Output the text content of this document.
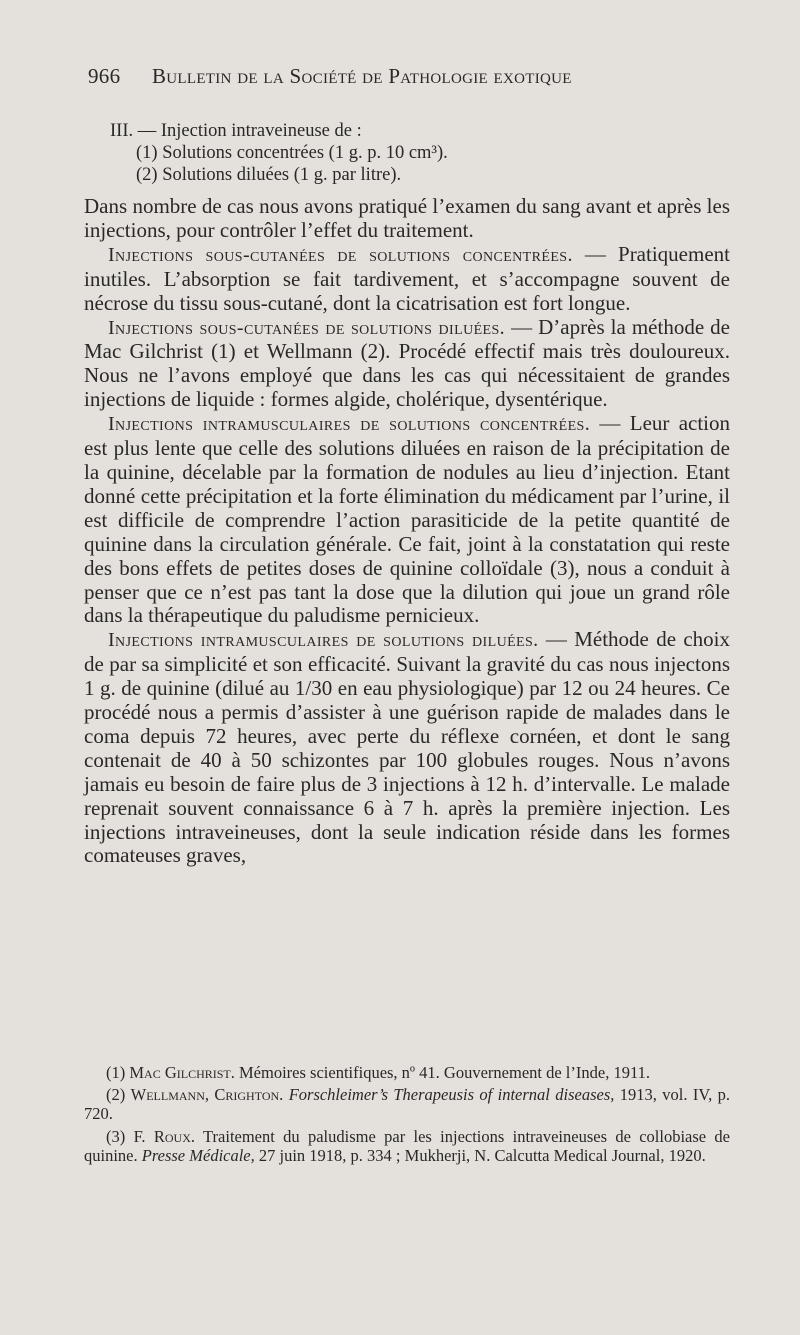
966 Bulletin de la Société de Pathologie exotique
III. — Injection intraveineuse de :
(1) Solutions concentrées (1 g. p. 10 cm³).
(2) Solutions diluées (1 g. par litre).

Dans nombre de cas nous avons pratiqué l’examen du sang avant et après les injections, pour contrôler l’effet du traitement.

Injections sous-cutanées de solutions concentrées. — Pratiquement inutiles. L’absorption se fait tardivement, et s’accompagne souvent de nécrose du tissu sous-cutané, dont la cicatrisation est fort longue.

Injections sous-cutanées de solutions diluées. — D’après la méthode de Mac Gilchrist (1) et Wellmann (2). Procédé effectif mais très douloureux. Nous ne l’avons employé que dans les cas qui nécessitaient de grandes injections de liquide : formes algide, cholérique, dysentérique.

Injections intramusculaires de solutions concentrées. — Leur action est plus lente que celle des solutions diluées en raison de la précipitation de la quinine, décelable par la formation de nodules au lieu d’injection. Etant donné cette précipitation et la forte élimination du médicament par l’urine, il est difficile de comprendre l’action parasiticide de la petite quantité de quinine dans la circulation générale. Ce fait, joint à la constatation qui reste des bons effets de petites doses de quinine colloïdale (3), nous a conduit à penser que ce n’est pas tant la dose que la dilution qui joue un grand rôle dans la thérapeutique du paludisme pernicieux.

Injections intramusculaires de solutions diluées. — Méthode de choix de par sa simplicité et son efficacité. Suivant la gravité du cas nous injectons 1 g. de quinine (dilué au 1/30 en eau physiologique) par 12 ou 24 heures. Ce procédé nous a permis d’assister à une guérison rapide de malades dans le coma depuis 72 heures, avec perte du réflexe cornéen, et dont le sang contenait de 40 à 50 schizontes par 100 globules rouges. Nous n’avons jamais eu besoin de faire plus de 3 injections à 12 h. d’intervalle. Le malade reprenait souvent connaissance 6 à 7 h. après la première injection. Les injections intraveineuses, dont la seule indication réside dans les formes comateuses graves,

(1) Mac Gilchrist. Mémoires scientifiques, nº 41. Gouvernement de l’Inde, 1911.

(2) Wellmann, Crighton. Forschleimer’s Therapeusis of internal diseases, 1913, vol. IV, p. 720.

(3) F. Roux. Traitement du paludisme par les injections intraveineuses de collobiase de quinine. Presse Médicale, 27 juin 1918, p. 334 ; Mukherji, N. Calcutta Medical Journal, 1920.
